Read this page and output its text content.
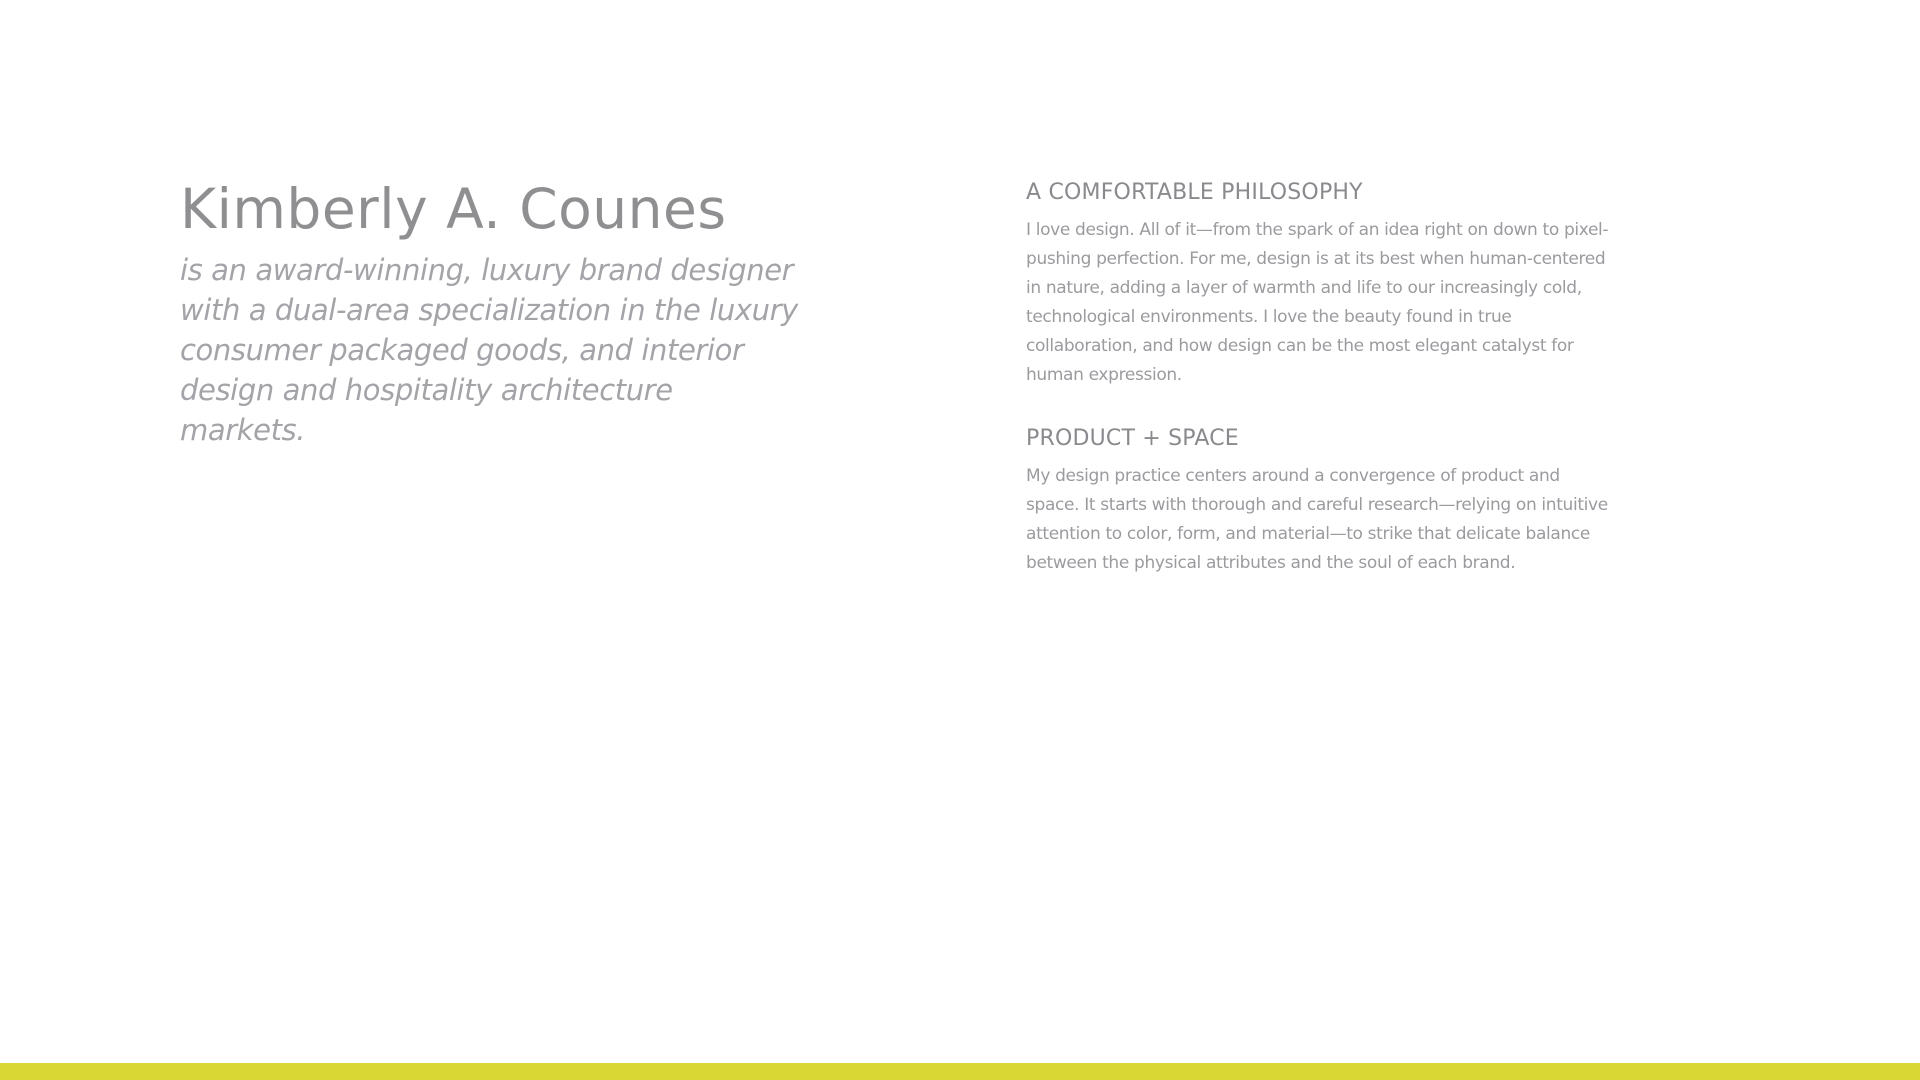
Kimberly A. Counes

is an award-winning, luxury brand designer with a dual-area specialization in the luxury consumer packaged goods, and interior design and hospitality architecture markets.

A COMFORTABLE PHILOSOPHY

I love design. All of it—from the spark of an idea right on down to pixel-pushing perfection. For me, design is at its best when human-centered in nature, adding a layer of warmth and life to our increasingly cold, technological environments. I love the beauty found in true collaboration, and how design can be the most elegant catalyst for human expression.

PRODUCT + SPACE

My design practice centers around a convergence of product and space. It starts with thorough and careful research—relying on intuitive attention to color, form, and material—to strike that delicate balance between the physical attributes and the soul of each brand.
